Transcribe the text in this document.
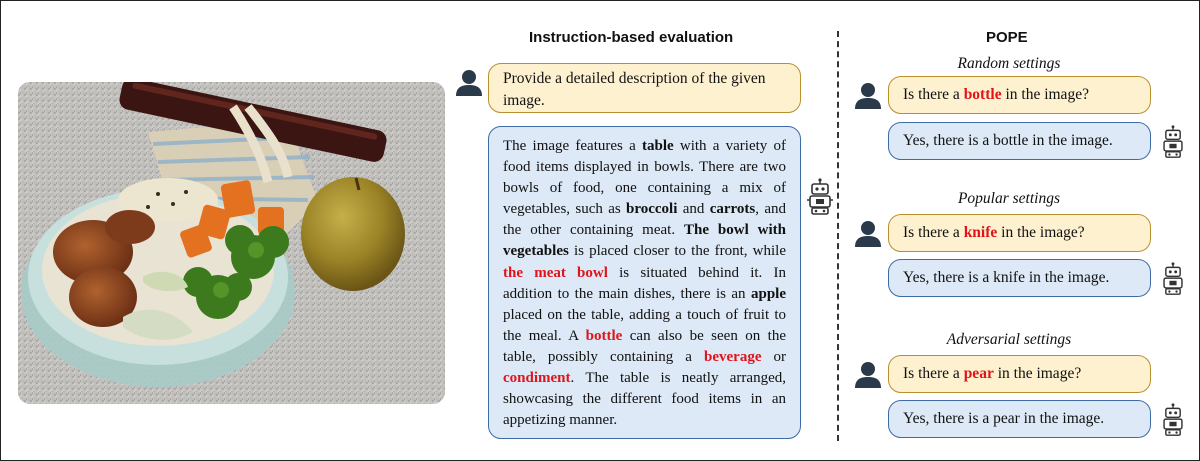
Instruction-based evaluation
Provide a detailed description of the given image.
The image features a table with a variety of food items displayed in bowls. There are two bowls of food, one containing a mix of vegetables, such as broccoli and carrots, and the other containing meat. The bowl with vegetables is placed closer to the front, while the meat bowl is situated behind it. In addition to the main dishes, there is an apple placed on the table, adding a touch of fruit to the meal. A bottle can also be seen on the table, possibly containing a beverage or condiment. The table is neatly arranged, showcasing the different food items in an appetizing manner.
POPE
Random settings
Is there a bottle in the image?
Yes, there is a bottle in the image.
Popular settings
Is there a knife in the image?
Yes, there is a knife in the image.
Adversarial settings
Is there a pear in the image?
Yes, there is a pear in the image.
